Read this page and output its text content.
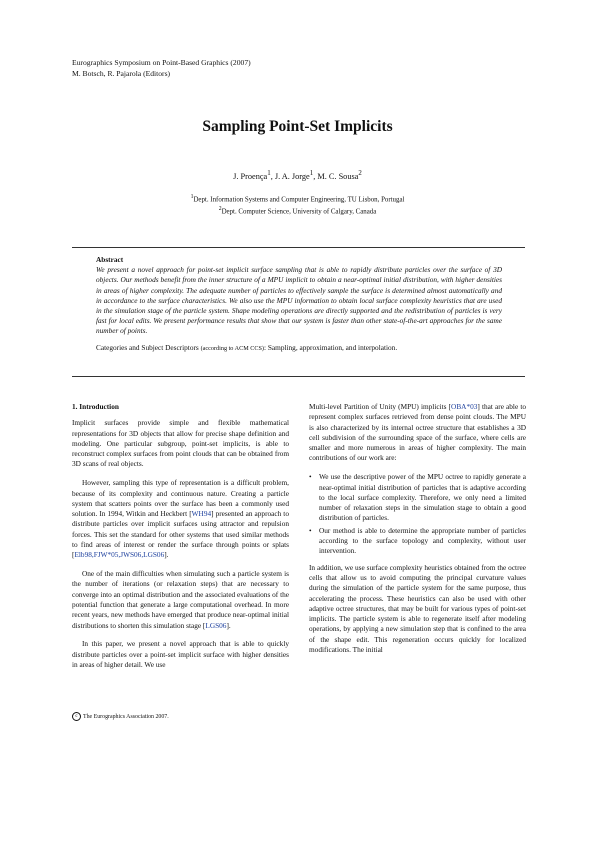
Eurographics Symposium on Point-Based Graphics (2007)
M. Botsch, R. Pajarola (Editors)
Sampling Point-Set Implicits
J. Proença$^1$, J. A. Jorge$^1$, M. C. Sousa$^2$
$^1$Dept. Information Systems and Computer Engineering, TU Lisbon, Portugal
$^2$Dept. Computer Science, University of Calgary, Canada
Abstract
We present a novel approach for point-set implicit surface sampling that is able to rapidly distribute particles over the surface of 3D objects. Our methods benefit from the inner structure of a MPU implicit to obtain a near-optimal initial distribution, with higher densities in areas of higher complexity. The adequate number of particles to effectively sample the surface is determined almost automatically and in accordance to the surface characteristics. We also use the MPU information to obtain local surface complexity heuristics that are used in the simulation stage of the particle system. Shape modeling operations are directly supported and the redistribution of particles is very fast for local edits. We present performance results that show that our system is faster than other state-of-the-art approaches for the same number of points.
Categories and Subject Descriptors (according to ACM CCS): Sampling, approximation, and interpolation.
1. Introduction

Implicit surfaces provide simple and flexible mathematical representations for 3D objects that allow for precise shape definition and modeling. One particular subgroup, point-set implicits, is able to reconstruct complex surfaces from point clouds that can be obtained from 3D scans of real objects.

However, sampling this type of representation is a difficult problem, because of its complexity and continuous nature. Creating a particle system that scatters points over the surface has been a commonly used solution. In 1994, Witkin and Heckbert [WH94] presented an approach to distribute particles over implicit surfaces using attractor and repulsion forces. This set the standard for other systems that used similar methods to find areas of interest or render the surface through points or splats [Elb98,FJW*05,JWS06,LGS06].

One of the main difficulties when simulating such a particle system is the number of iterations (or relaxation steps) that are necessary to converge into an optimal distribution and the associated evaluations of the potential function that generate a large computational overhead. In more recent years, new methods have emerged that produce near-optimal initial distributions to shorten this simulation stage [LGS06].

In this paper, we present a novel approach that is able to quickly distribute particles over a point-set implicit surface with higher densities in areas of higher detail. We use

Multi-level Partition of Unity (MPU) implicits [OBA*03] that are able to represent complex surfaces retrieved from dense point clouds. The MPU is also characterized by its internal octree structure that establishes a 3D cell subdivision of the surrounding space of the surface, where cells are smaller and more numerous in areas of higher complexity. The main contributions of our work are:

• We use the descriptive power of the MPU octree to rapidly generate a near-optimal initial distribution of particles that is adaptive according to the local surface complexity. Therefore, we only need a limited number of relaxation steps in the simulation stage to obtain a good distribution of particles.
• Our method is able to determine the appropriate number of particles according to the surface topology and complexity, without user intervention.

In addition, we use surface complexity heuristics obtained from the octree cells that allow us to avoid computing the principal curvature values during the simulation of the particle system for the same purpose, thus accelerating the process. These heuristics can also be used with other adaptive octree structures, that may be built for various types of point-set implicits. The particle system is able to regenerate itself after modeling operations, by applying a new simulation step that is confined to the area of the shape edit. This regeneration occurs quickly for localized modifications. The initial

c The Eurographics Association 2007.
